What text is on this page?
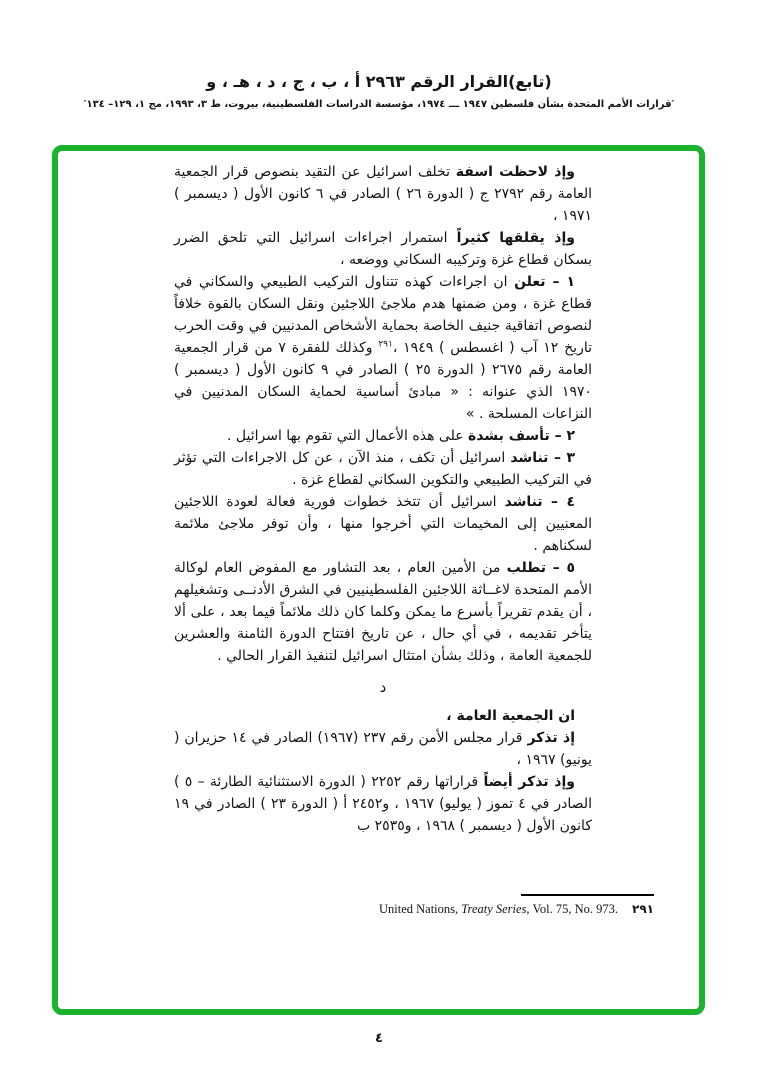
(تابع)القرار الرقم ٢٩٦٣ أ ، ب ، ج ، د ، هـ ، و
′قرارات الأمم المتحدة بشأن فلسطين ١٩٤٧ ـــ ١٩٧٤، مؤسسة الدراسات الفلسطينية، بيروت، ط ٣، ١٩٩٣، مج ١، ١٢٩– ١٣٤′

وإذ لاحظت اسفة تخلف اسرائيل عن التقيد بنصوص قرار الجمعية العامة رقم ٢٧٩٢ ج ( الدورة ٢٦ ) الصادر في ٦ كانون الأول ( ديسمبر ) ١٩٧١ ،

وإذ يقلقها كثيراً استمرار اجراءات اسرائيل التي تلحق الضرر بسكان قطاع غزة وتركيبه السكاني ووضعه ،

١ – تعلن ان اجراءات كهذه تتناول التركيب الطبيعي والسكاني في قطاع غزة ، ومن ضمنها هدم ملاجئ اللاجئين ونقل السكان بالقوة خلافاً لنصوص اتفاقية جنيف الخاصة بحماية الأشخاص المدنيين في وقت الحرب تاريخ ١٢ آب ( اغسطس ) ١٩٤٩ ،$^{٢٩١}$ وكذلك للفقرة ٧ من قرار الجمعية العامة رقم ٢٦٧٥ ( الدورة ٢٥ ) الصادر في ٩ كانون الأول ( ديسمبر ) ١٩٧٠ الذي عنوانه : « مبادئ أساسية لحماية السكان المدنيين في النزاعات المسلحة . »

٢ – تأسف بشدة على هذه الأعمال التي تقوم بها اسرائيل .

٣ – تناشد اسرائيل أن تكف ، منذ الآن ، عن كل الاجراءات التي تؤثر في التركيب الطبيعي والتكوين السكاني لقطاع غزة .

٤ – تناشد اسرائيل أن تتخذ خطوات فورية فعالة لعودة اللاجئين المعنيين إلى المخيمات التي أخرجوا منها ، وأن توفر ملاجئ ملائمة لسكناهم .

٥ – تطلب من الأمين العام ، بعد التشاور مع المفوض العام لوكالة الأمم المتحدة لاغــاثة اللاجئين الفلسطينيين في الشرق الأدنــى وتشغيلهم ، أن يقدم تقريراً بأسرع ما يمكن وكلما كان ذلك ملائماً فيما بعد ، على ألا يتأخر تقديمه ، في أي حال ، عن تاريخ افتتاح الدورة الثامنة والعشرين للجمعية العامة ، وذلك بشأن امتثال اسرائيل لتنفيذ القرار الحالي .

د

ان الجمعية العامة ،

إذ تذكر قرار مجلس الأمن رقم ٢٣٧ (١٩٦٧) الصادر في ١٤ حزيران ( يونيو) ١٩٦٧ ،

وإذ تذكر أيضاً قراراتها رقم ٢٢٥٢ ( الدورة الاستثنائية الطارئة – ٥ ) الصادر في ٤ تموز ( يوليو) ١٩٦٧ ، و٢٤٥٢ أ ( الدورة ٢٣ ) الصادر في ١٩ كانون الأول ( ديسمبر ) ١٩٦٨ ، و٢٥٣٥ ب

United Nations, Treaty Series, Vol. 75, No. 973. ٢٩١
٤
